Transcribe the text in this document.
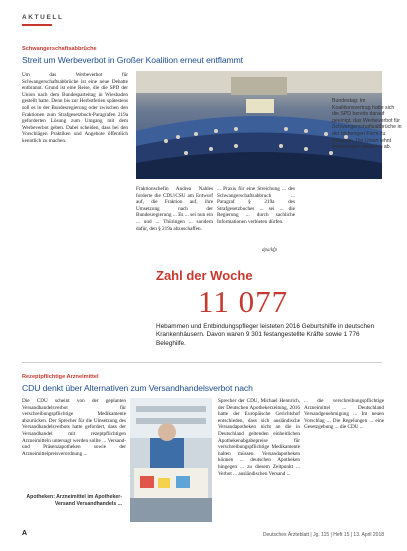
AKTUELL
Schwangerschaftsabbrüche
Streit um Werbeverbot in Großer Koalition erneut entflammt
Um das Werbeverbot für Schwangerschaftsabbrüche ist eine neue Debatte entbrannt. Grund ist eine Reise, die die SPD der Union nach dem Bundesparteitag in Wiesbaden gestellt hatte. Denn bis zur Herbstferien spätestens soll es in der Bundesregierung oder zwischen den Fraktionen zum Strafgesetzbuch-Paragrafen 219a geforderten Lösung zum Umgang mit dem Werbeverbot geben. Dabei scheiden, dass bei den Vorschlägen Praktiken und Angebote öffentlich kenntlich zu machen.
Bundestag: Im Koalitionsvertrag hatte sich die SPD bereits darauf geeinigt, das Werbeverbot für Schwangerschaftsabbrüche in der bisherigen Form zu belassen. Die Union lehnt Änderungen weiterhin ab.
Fraktionschefin Andrea Nahles forderte die CDU/CSU am Entwurf auf, die Fraktion auf, ihre Umsetzung nach der Bundesregierung ... Es ... sei nun ein ... und ... Thüringen ... sondern dafür, den § 219a abzuschaffen.
... Praxis für eine Streichung ... des Schwangerschaftsabbruch ... Paragraf § 219a des Strafgesetzbuches ... sei ... die Regierung ... durch sachliche Informationen verbieten dürfen.
dpa/kfp
Zahl der Woche
11 077
Hebammen und Entbindungspfleger leisteten 2016 Geburtshilfe in deutschen Krankenhäusern. Davon waren 9 301 festangestellte Kräfte sowie 1 776 Beleghilfe.
Rezeptpflichtige Arzneimittel
CDU denkt über Alternativen zum Versandhandelsverbot nach
Die CDU scheint von der geplanten Versandhandelsverbot für verschreibungspflichtige Medikamente abzurücken. Der Sprecher für die Umsetzung des Versandhandelsverbots hatte gefordert, dass der Versandhandel mit rezeptpflichtigen Arzneimitteln untersagt werden sollte ... Versand- und Präsenzapotheken sowie der Arzneimittelpreisverordnung ...
Apotheken: Arzneimittel im Apotheker-Versand Versandhandels ...
Sprecher der CDU, Michael Hennrich, der Deutschen Apothekerzeitung, 2016 hatte der Europäische Gerichtshof entschieden, dass sich ausländische Versandapotheken nicht an die in Deutschland geltenden einheitlichen Apothekenabgabepreise für verschreibungspflichtige Medikamente halten müssen. Versandapotheken können ... deutschen Apotheken hingegen ... zu diesem Zeitpunkt ... Verbot ... ausländischen Versand ...
... die verschreibungspflichtige Arzneimittel ... Deutschland Versandgenehmigung ... Im neuen Vorschlag ... Die Regelungen ... eine Gesetzgebung ... die CDU ...
A	Deutsches Ärzteblatt | Jg. 115 | Heft 15 | 13. April 2018
